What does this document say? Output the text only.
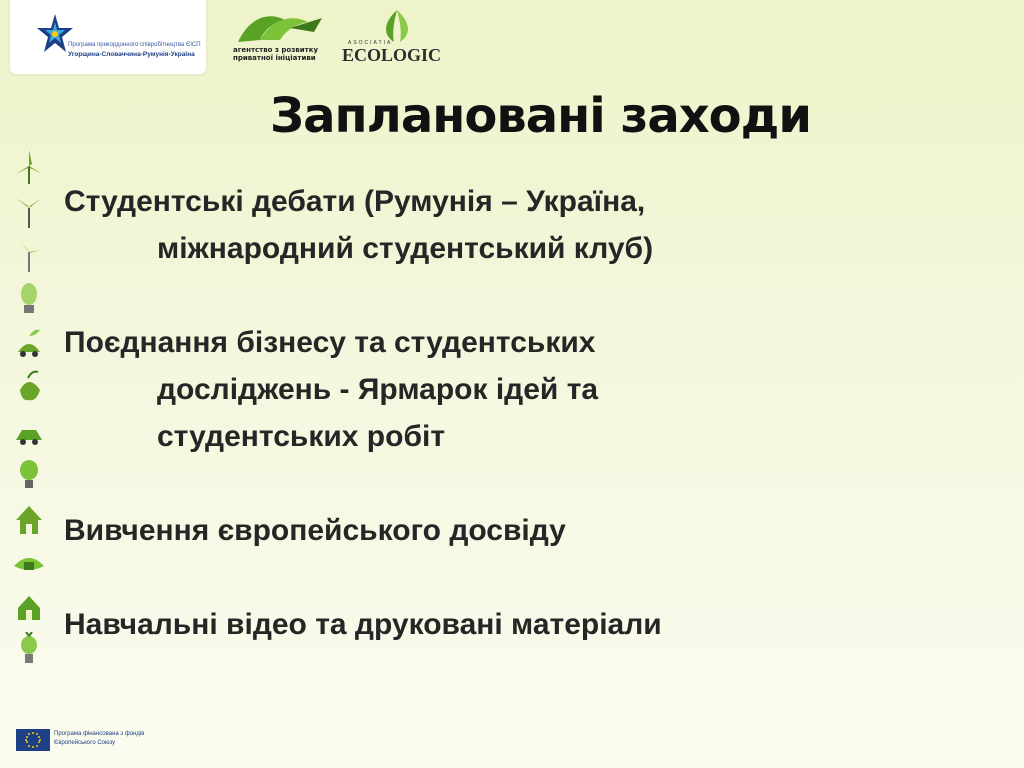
Програма прикордонного співробітництва ЄІСП
Угорщина-Словаччина-Румунія-Україна
агентство з розвитку
приватної ініціативи
ASOCIATIA
ECOLOGIC
Заплановані заходи
Студентські дебати (Румунія – Україна,
міжнародний студентський клуб)
Поєднання бізнесу та студентських
досліджень - Ярмарок ідей та
студентських робіт
Вивчення європейського досвіду
Навчальні відео та друковані матеріали
Програма фінансована з фондів
Європейського Союзу
